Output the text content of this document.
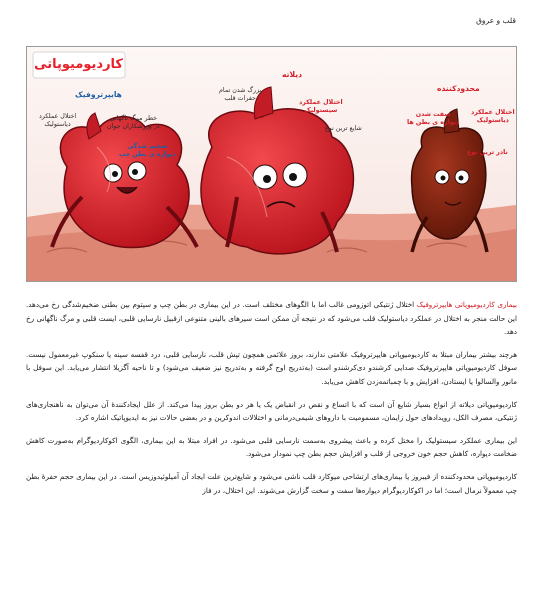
قلب و عروق
کاردیومیوپاتی
هایپرتروفیک
اختلال عملکرد
دیاستولیک
خطر مرگ ناگهانی
در ورزشکاران جوان
ضخیم شدگی
دیواره ی بطن چپ
دیلاته
اختلال عملکرد
سیستولیک
بزرگ شدن تمام
حفرات قلب
شایع ترین نوع
محدودکننده
اختلال عملکرد
دیاستولیک
سفت شدن
دیواره ی بطن ها
نادر ترین نوع

بیماری کاردیومیوپاتی هایپرتروفیک اختلال ژنتیکی اتوزومی غالب اما با الگوهای مختلف است. در این بیماری در بطن چپ و سپتوم بین بطنی ضخیم‌شدگی رخ می‌دهد. این حالت منجر به اختلال در عملکرد دیاستولیک قلب می‌شود که در نتیجه آن ممکن است سیرهای بالینی متنوعی ازقبیل نارسایی قلبی، ایست قلبی و مرگ ناگهانی رخ دهد.

هرچند بیشتر بیماران مبتلا به کاردیومیوپاتی هایپرتروفیک علامتی ندارند، بروز علائمی همچون تپش قلب، نارسایی قلبی، درد قفسه سینه یا سنکوپ غیرمعمول نیست. سوفل کاردیومیوپاتی هایپرتروفیک صدایی کرشندو دی‌کرشندو است (به‌تدریج اوج گرفته و به‌تدریج نیز ضعیف می‌شود) و تا ناحیه آگزیلا انتشار می‌یابد. این سوفل با مانور والسالوا یا ایستادن، افزایش و با چمباتمه‌زدن کاهش می‌یابد.

کاردیومیوپاتی دیلاته از انواع بسیار شایع آن است که با اتساع و نقص در انقباض یک یا هر دو بطن بروز پیدا می‌کند. از علل ایجادکنندهٔ آن می‌توان به ناهنجاری‌های ژنتیکی، مصرف الکل، رویدادهای حول زایمان، مسمومیت با داروهای شیمی‌درمانی و اختلالات اندوکرین و در بعضی حالات نیز به ایدیوپاتیک اشاره کرد.

این بیماری عملکرد سیستولیک را مختل کرده و باعث پیشروی به‌سمت نارسایی قلبی می‌شود. در افراد مبتلا به این بیماری، الگوی اکوکاردیوگرام به‌صورت کاهش ضخامت دیواره، کاهش حجم خون خروجی از قلب و افزایش حجم بطن چپ نمودار می‌شود.

کاردیومیوپاتی محدودکننده از فیبروز یا بیماری‌های ارتشاحی میوکارد قلب ناشی می‌شود و شایع‌ترین علت ایجاد آن آمیلوئیدوزیس است. در این بیماری حجم حفرهٔ بطن چپ معمولاً نرمال است؛ اما در اکوکاردیوگرام دیواره‌ها سفت و سخت گزارش می‌شوند. این اختلال، در فاز
